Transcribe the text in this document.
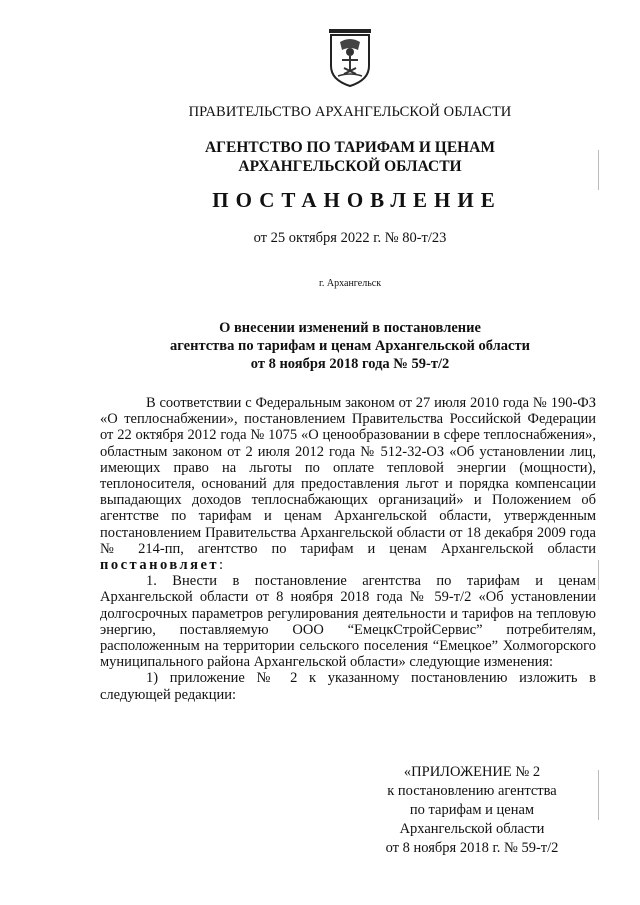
ПРАВИТЕЛЬСТВО АРХАНГЕЛЬСКОЙ ОБЛАСТИ
АГЕНТСТВО ПО ТАРИФАМ И ЦЕНАМ
АРХАНГЕЛЬСКОЙ ОБЛАСТИ
ПОСТАНОВЛЕНИЕ
от 25 октября 2022 г. № 80-т/23
г. Архангельск
О внесении изменений в постановление
агентства по тарифам и ценам Архангельской области
от 8 ноября 2018 года № 59-т/2

В соответствии с Федеральным законом от 27 июля 2010 года № 190-ФЗ «О теплоснабжении», постановлением Правительства Российской Федерации от 22 октября 2012 года № 1075 «О ценообразовании в сфере теплоснабжения», областным законом от 2 июля 2012 года № 512-32-ОЗ «Об установлении лиц, имеющих право на льготы по оплате тепловой энергии (мощности), теплоносителя, оснований для предоставления льгот и порядка компенсации выпадающих доходов теплоснабжающих организаций» и Положением об агентстве по тарифам и ценам Архангельской области, утвержденным постановлением Правительства Архангельской области от 18 декабря 2009 года № 214-пп, агентство по тарифам и ценам Архангельской области постановляет:

1. Внести в постановление агентства по тарифам и ценам Архангельской области от 8 ноября 2018 года № 59-т/2 «Об установлении долгосрочных параметров регулирования деятельности и тарифов на тепловую энергию, поставляемую ООО “ЕмецкСтройСервис” потребителям, расположенным на территории сельского поселения “Емецкое” Холмогорского муниципального района Архангельской области» следующие изменения:

1) приложение № 2 к указанному постановлению изложить в следующей редакции:

«ПРИЛОЖЕНИЕ № 2
к постановлению агентства
по тарифам и ценам
Архангельской области
от 8 ноября 2018 г. № 59-т/2
